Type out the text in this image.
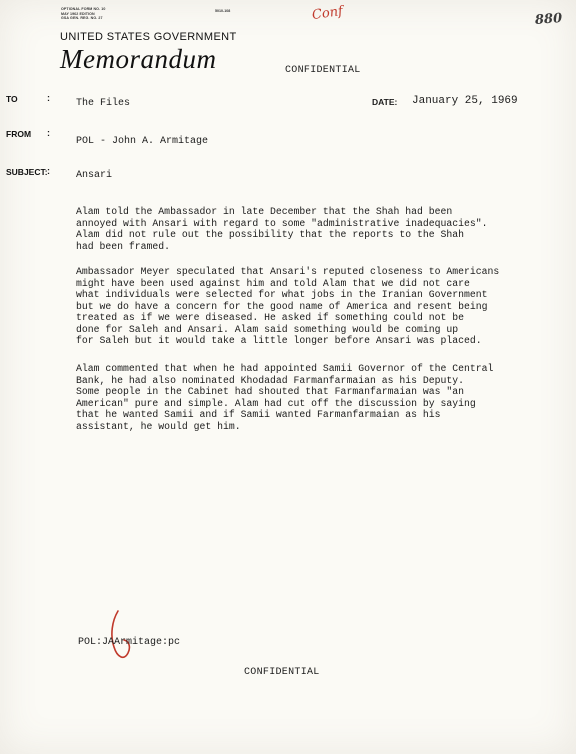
OPTIONAL FORM NO. 10
MAY 1962 EDITION
GSA GEN. REG. NO. 27
5010-108	Conf	880
UNITED STATES GOVERNMENT
Memorandum	CONFIDENTIAL
TO	:	The Files	DATE: January 25, 1969
FROM :
POL - John A. Armitage
SUBJECT: :	Ansari
Alam told the Ambassador in late December that the Shah had been
annoyed with Ansari with regard to some "administrative inadequacies".
Alam did not rule out the possibility that the reports to the Shah
had been framed.
Ambassador Meyer speculated that Ansari's reputed closeness to Americans
might have been used against him and told Alam that we did not care
what individuals were selected for what jobs in the Iranian Government
but we do have a concern for the good name of America and resent being
treated as if we were diseased. He asked if something could not be
done for Saleh and Ansari. Alam said something would be coming up
for Saleh but it would take a little longer before Ansari was placed.
Alam commented that when he had appointed Samii Governor of the Central
Bank, he had also nominated Khodadad Farmanfarmaian as his Deputy.
Some people in the Cabinet had shouted that Farmanfarmaian was "an
American" pure and simple. Alam had cut off the discussion by saying
that he wanted Samii and if Samii wanted Farmanfarmaian as his
assistant, he would get him.
POL:JAArmitage:pc
CONFIDENTIAL
